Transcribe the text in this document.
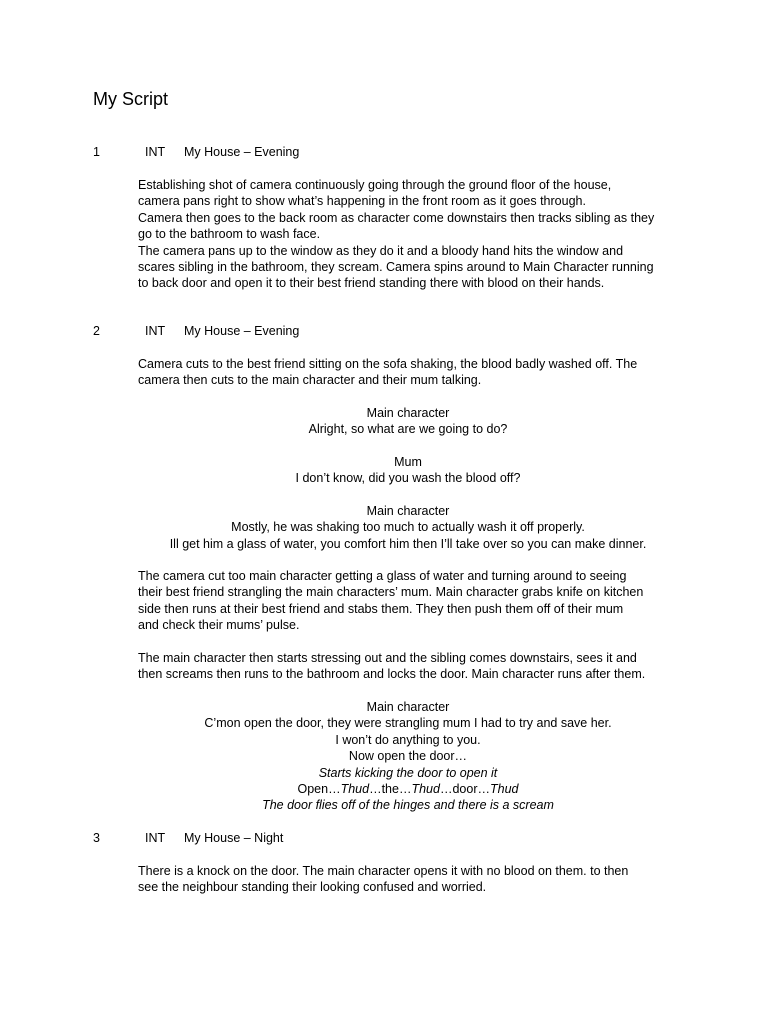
My Script
1	INT My House – Evening

Establishing shot of camera continuously going through the ground floor of the house,

camera pans right to show what’s happening in the front room as it goes through.

Camera then goes to the back room as character come downstairs then tracks sibling as they

go to the bathroom to wash face.

The camera pans up to the window as they do it and a bloody hand hits the window and

scares sibling in the bathroom, they scream. Camera spins around to Main Character running

to back door and open it to their best friend standing there with blood on their hands.

2	INT My House – Evening

Camera cuts to the best friend sitting on the sofa shaking, the blood badly washed off. The

camera then cuts to the main character and their mum talking.

Main character
Alright, so what are we going to do?
Mum
I don’t know, did you wash the blood off?
Main character
Mostly, he was shaking too much to actually wash it off properly.
Ill get him a glass of water, you comfort him then I’ll take over so you can make dinner.

The camera cut too main character getting a glass of water and turning around to seeing

their best friend strangling the main characters’ mum. Main character grabs knife on kitchen

side then runs at their best friend and stabs them. They then push them off of their mum

and check their mums’ pulse.

The main character then starts stressing out and the sibling comes downstairs, sees it and

then screams then runs to the bathroom and locks the door. Main character runs after them.

Main character
C’mon open the door, they were strangling mum I had to try and save her.
I won’t do anything to you.
Now open the door…
Starts kicking the door to open it
Open…Thud…the…Thud…door…Thud
The door flies off of the hinges and there is a scream
3	INT My House – Night

There is a knock on the door. The main character opens it with no blood on them. to then

see the neighbour standing their looking confused and worried.
